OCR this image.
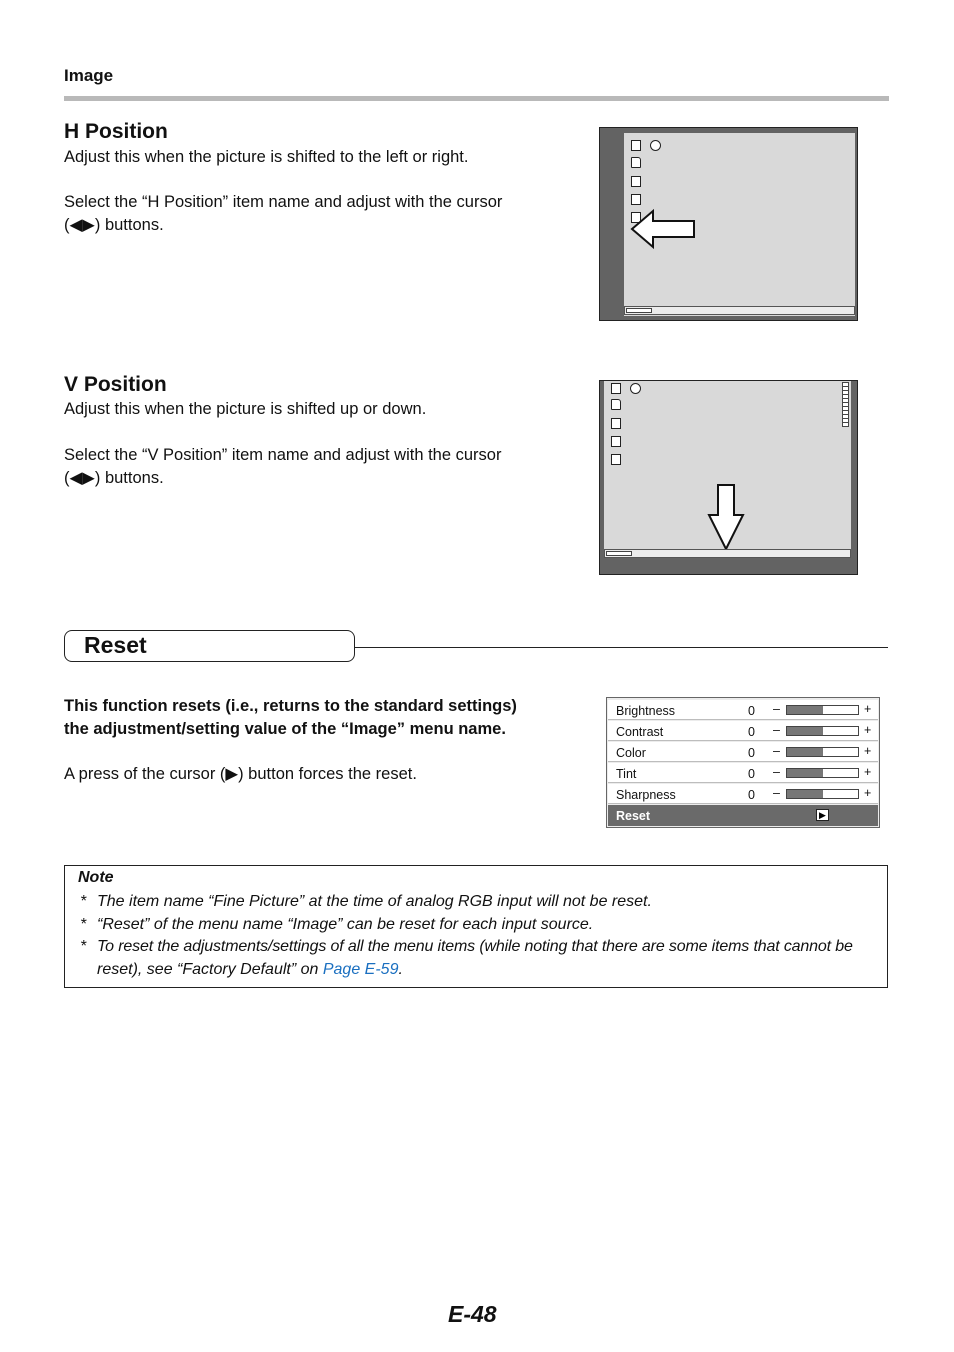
Image
H Position
Adjust this when the picture is shifted to the left or right.
Select the “H Position” item name and adjust with the cursor
(◀▶) buttons.
V Position
Adjust this when the picture is shifted up or down.
Select the “V Position” item name and adjust with the cursor
(◀▶) buttons.
Reset
This function resets (i.e., returns to the standard settings)
the adjustment/setting value of the “Image” menu name.
A press of the cursor (▶) button forces the reset.
Brightness	0 –	+
Contrast	0 –	+
Color	0 –	+
Tint	0 –	+
Sharpness	0 –	+
Reset	▶
Note
* The item name “Fine Picture” at the time of analog RGB input will not be reset.
* “Reset” of the menu name “Image” can be reset for each input source.
* To reset the adjustments/settings of all the menu items (while noting that there are some items that cannot be
reset), see “Factory Default” on Page E-59.
E-48
